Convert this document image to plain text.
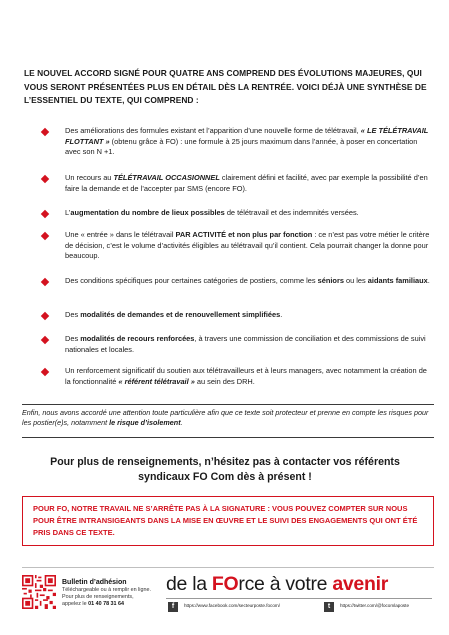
LE NOUVEL ACCORD SIGNÉ POUR QUATRE ANS COMPREND DES ÉVOLUTIONS MAJEURES, QUI VOUS SERONT PRÉSENTÉES PLUS EN DÉTAIL DÈS LA RENTRÉE. VOICI DÉJÀ UNE SYNTHÈSE DE L’ESSENTIEL DU TEXTE, QUI COMPREND :

Des améliorations des formules existant et l’apparition d’une nouvelle forme de télétravail, « LE TÉLÉTRAVAIL FLOTTANT » (obtenu grâce à FO) : une formule à 25 jours maximum dans l’année, à poser en concertation avec son N +1.
Un recours au TÉLÉTRAVAIL OCCASIONNEL clairement défini et facilité, avec par exemple la possibilité d’en faire la demande et de l’accepter par SMS (encore FO).
L’augmentation du nombre de lieux possibles de télétravail et des indemnités versées.
Une « entrée » dans le télétravail PAR ACTIVITÉ et non plus par fonction : ce n’est pas votre métier le critère de décision, c’est le volume d’activités éligibles au télétravail qu’il contient. Cela pourrait changer la donne pour beaucoup.
Des conditions spécifiques pour certaines catégories de postiers, comme les séniors ou les aidants familiaux.
Des modalités de demandes et de renouvellement simplifiées.
Des modalités de recours renforcées, à travers une commission de conciliation et des commissions de suivi nationales et locales.
Un renforcement significatif du soutien aux télétravailleurs et à leurs managers, avec notamment la création de la fonctionnalité « référent télétravail » au sein des DRH.

Enfin, nous avons accordé une attention toute particulière afin que ce texte soit protecteur et prenne en compte les risques pour les postier(e)s, notamment le risque d’isolement.

Pour plus de renseignements, n’hésitez pas à contacter vos référents syndicaux FO Com dès à présent !

POUR FO, NOTRE TRAVAIL NE S’ARRÊTE PAS À LA SIGNATURE : VOUS POUVEZ COMPTER SUR NOUS POUR ÊTRE INTRANSIGEANTS DANS LA MISE EN ŒUVRE ET LE SUIVI DES ENGAGEMENTS QUI ONT ÉTÉ PRIS DANS CE TEXTE.
Bulletin d’adhésion
Téléchargeable ou à remplir en ligne.
Pour plus de renseignements,
appelez le 01 40 78 31 64
de la FOrce à votre avenir
f	https://www.facebook.com/secteurposte.focom/	t	https://twitter.com/@focomlaposte
